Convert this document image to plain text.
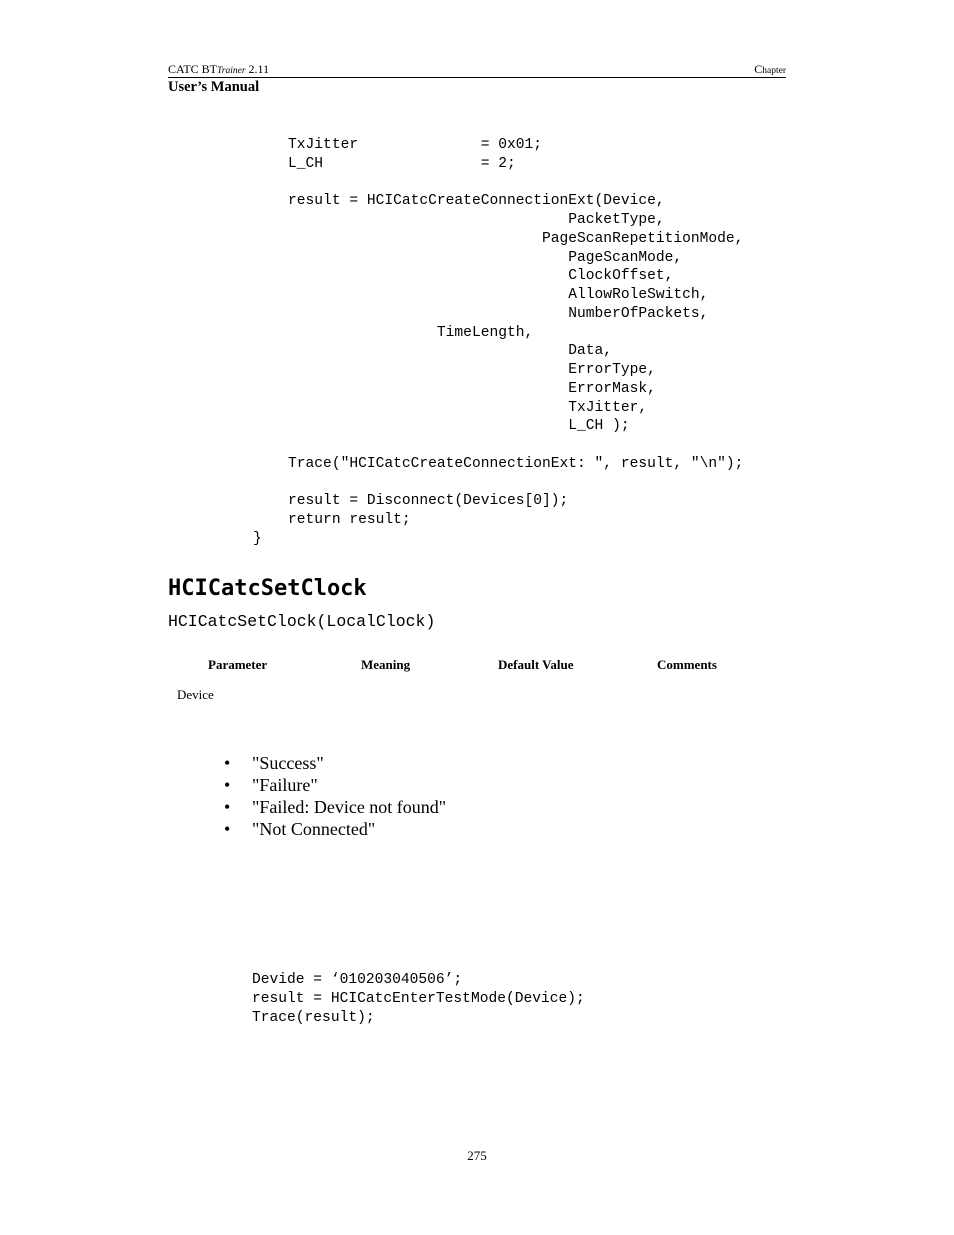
CATC BTTrainer 2.11	Chapter
User’s Manual
TxJitter              = 0x01;
L_CH                  = 2;

result = HCICatcCreateConnectionExt(Device,
PacketType,
PageScanRepetitionMode,
PageScanMode,
ClockOffset,
AllowRoleSwitch,
NumberOfPackets,
TimeLength,
Data,
ErrorType,
ErrorMask,
TxJitter,
L_CH );

Trace("HCICatcCreateConnectionExt: ", result, "\n");

result = Disconnect(Devices[0]);
return result;
}
HCICatcSetClock
HCICatcSetClock(LocalClock)
Parameter	Meaning	Default Value	Comments
Device
• "Success"
• "Failure"
• "Failed: Device not found"
• "Not Connected"
Devide = ‘010203040506’;
result = HCICatcEnterTestMode(Device);
Trace(result);
275
